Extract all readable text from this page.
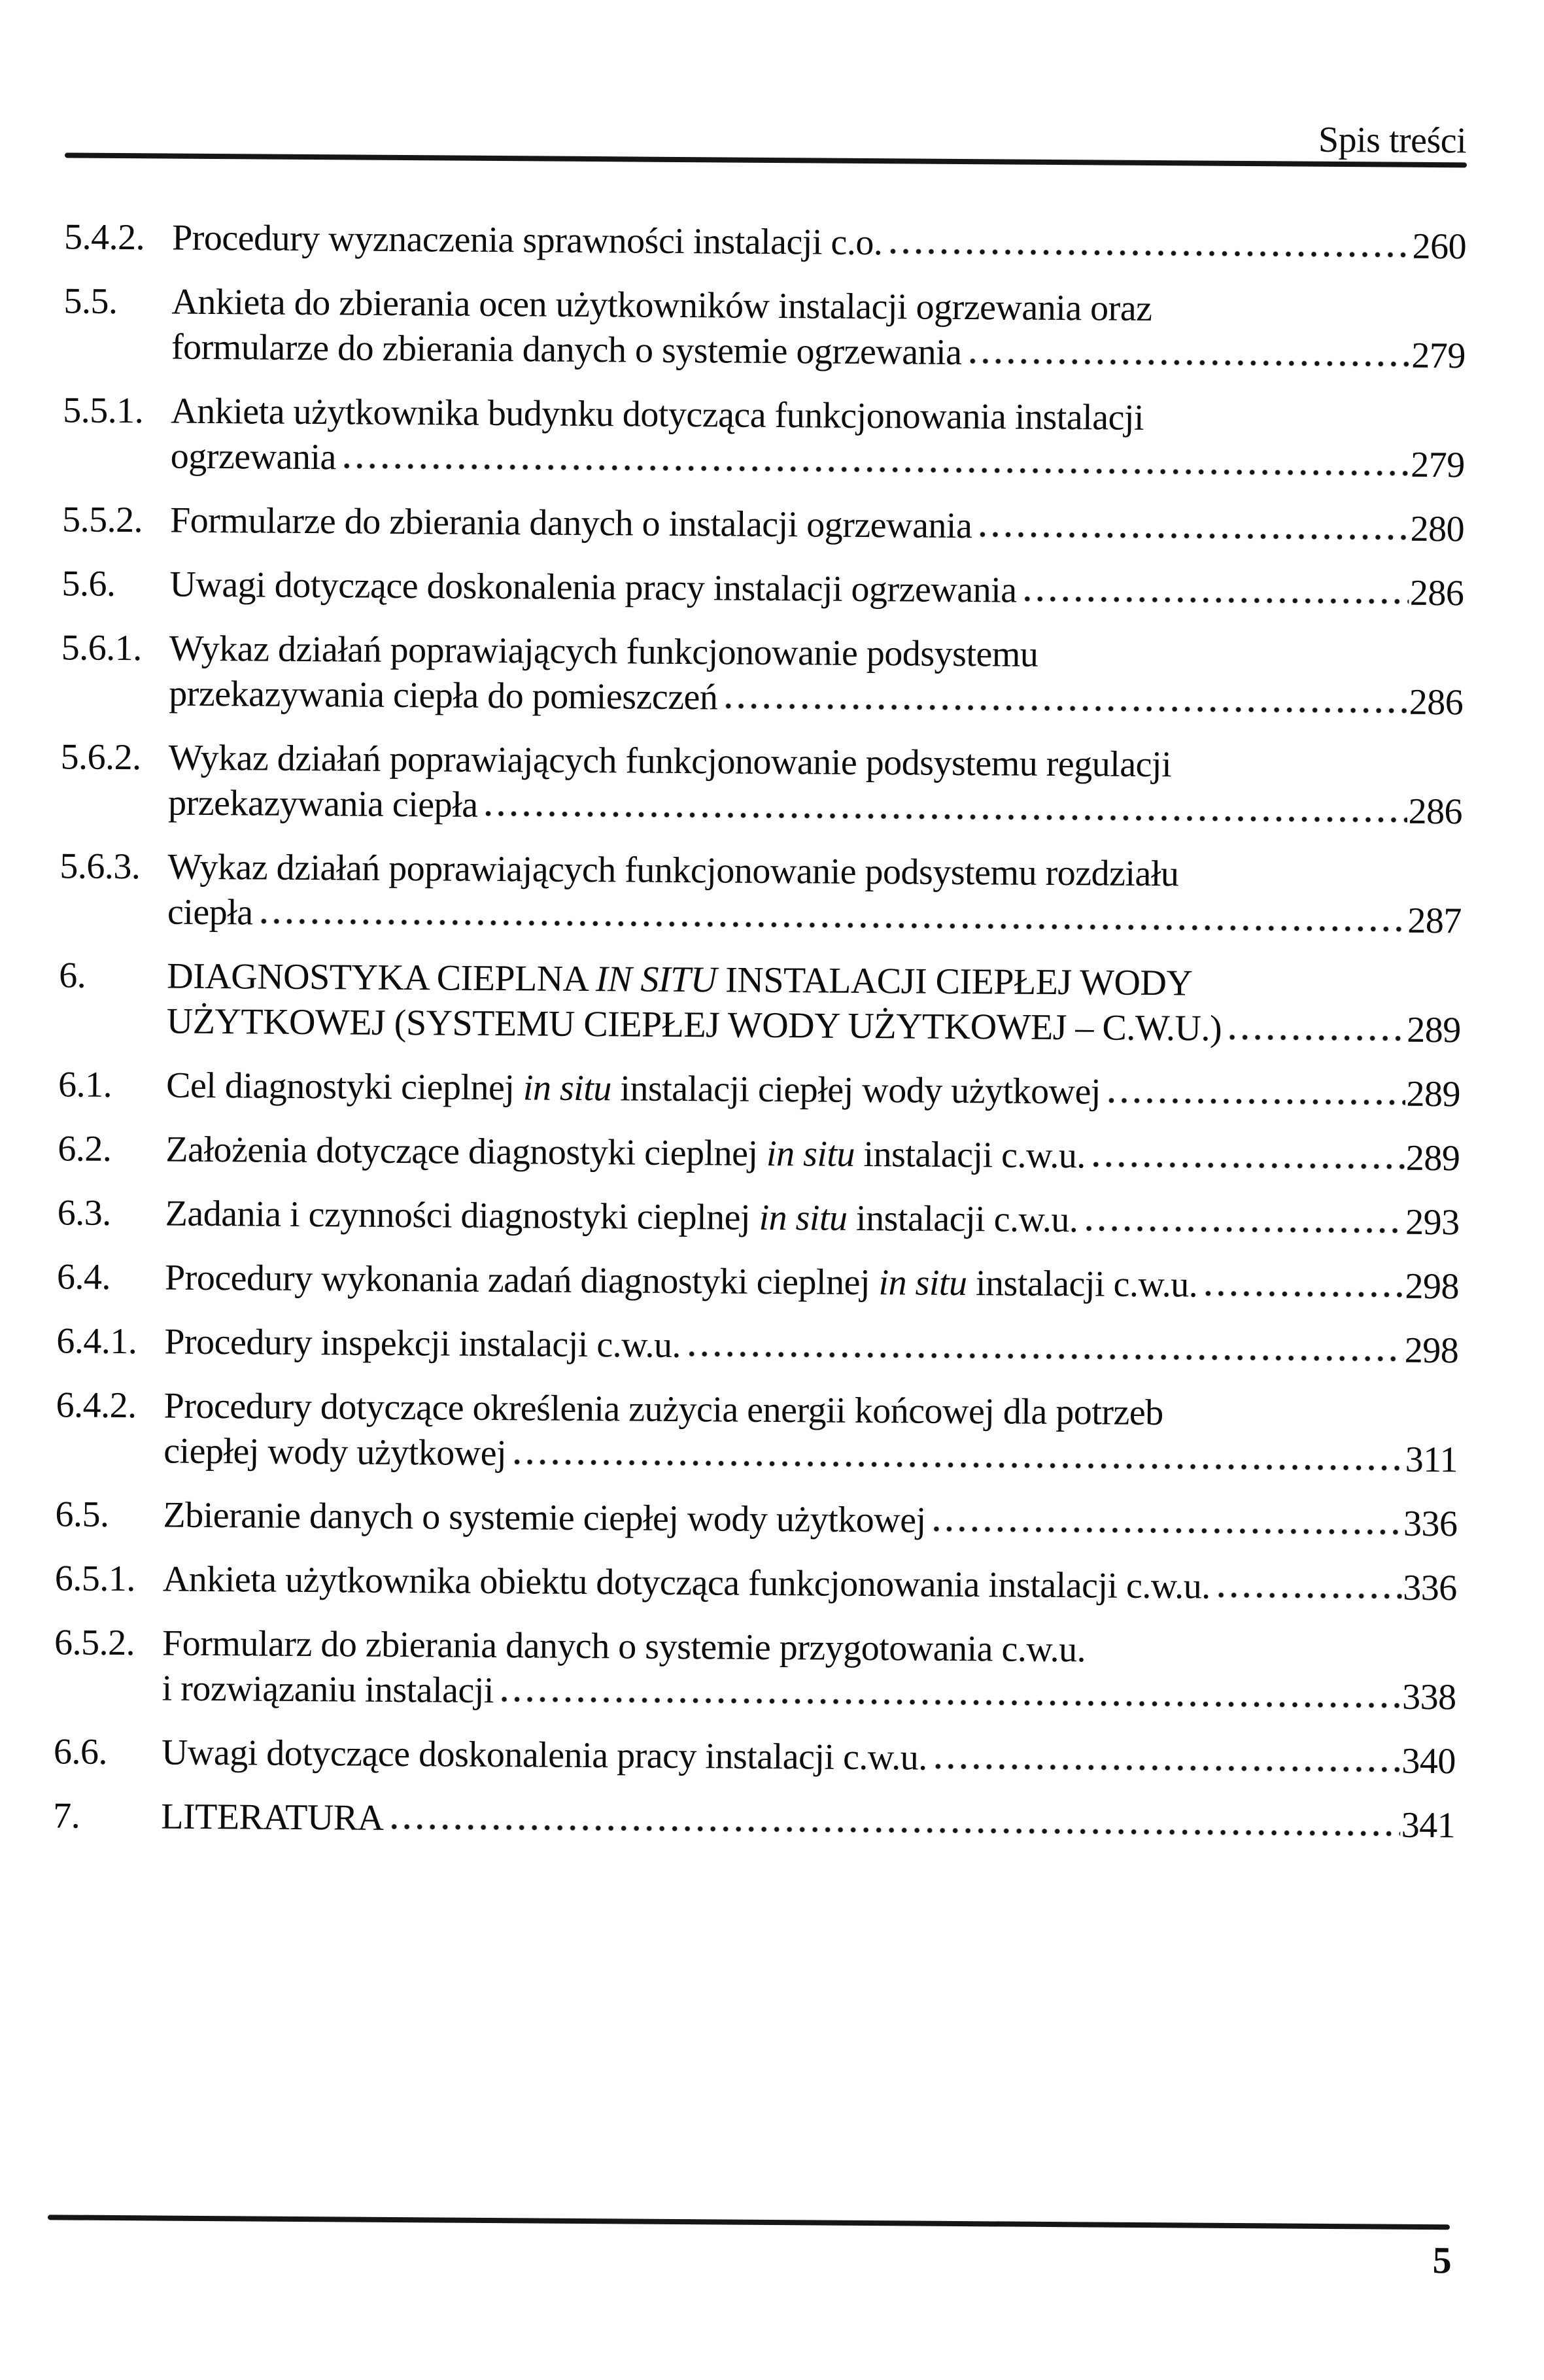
Spis treści
5.4.2. Procedury wyznaczenia sprawności instalacji c.o.	260
5.5.	Ankieta do zbierania ocen użytkowników instalacji ogrzewania oraz
formularze do zbierania danych o systemie ogrzewania	279
5.5.1. Ankieta użytkownika budynku dotycząca funkcjonowania instalacji
ogrzewania	279
5.5.2. Formularze do zbierania danych o instalacji ogrzewania	280
5.6.	Uwagi dotyczące doskonalenia pracy instalacji ogrzewania	286
5.6.1. Wykaz działań poprawiających funkcjonowanie podsystemu
przekazywania ciepła do pomieszczeń	286
5.6.2. Wykaz działań poprawiających funkcjonowanie podsystemu regulacji
przekazywania ciepła	286
5.6.3. Wykaz działań poprawiających funkcjonowanie podsystemu rozdziału
ciepła	287
6.	DIAGNOSTYKA CIEPLNA IN SITU INSTALACJI CIEPŁEJ WODY
UŻYTKOWEJ (SYSTEMU CIEPŁEJ WODY UŻYTKOWEJ – C.W.U.)	289
6.1.	Cel diagnostyki cieplnej in situ instalacji ciepłej wody użytkowej	289
6.2.	Założenia dotyczące diagnostyki cieplnej in situ instalacji c.w.u.	289
6.3.	Zadania i czynności diagnostyki cieplnej in situ instalacji c.w.u.	293
6.4.	Procedury wykonania zadań diagnostyki cieplnej in situ instalacji c.w.u.	298
6.4.1. Procedury inspekcji instalacji c.w.u.	298
6.4.2. Procedury dotyczące określenia zużycia energii końcowej dla potrzeb
ciepłej wody użytkowej	311
6.5.	Zbieranie danych o systemie ciepłej wody użytkowej	336
6.5.1. Ankieta użytkownika obiektu dotycząca funkcjonowania instalacji c.w.u.	336
6.5.2. Formularz do zbierania danych o systemie przygotowania c.w.u.
i rozwiązaniu instalacji	338
6.6.	Uwagi dotyczące doskonalenia pracy instalacji c.w.u.	340
7.	LITERATURA	341
5
